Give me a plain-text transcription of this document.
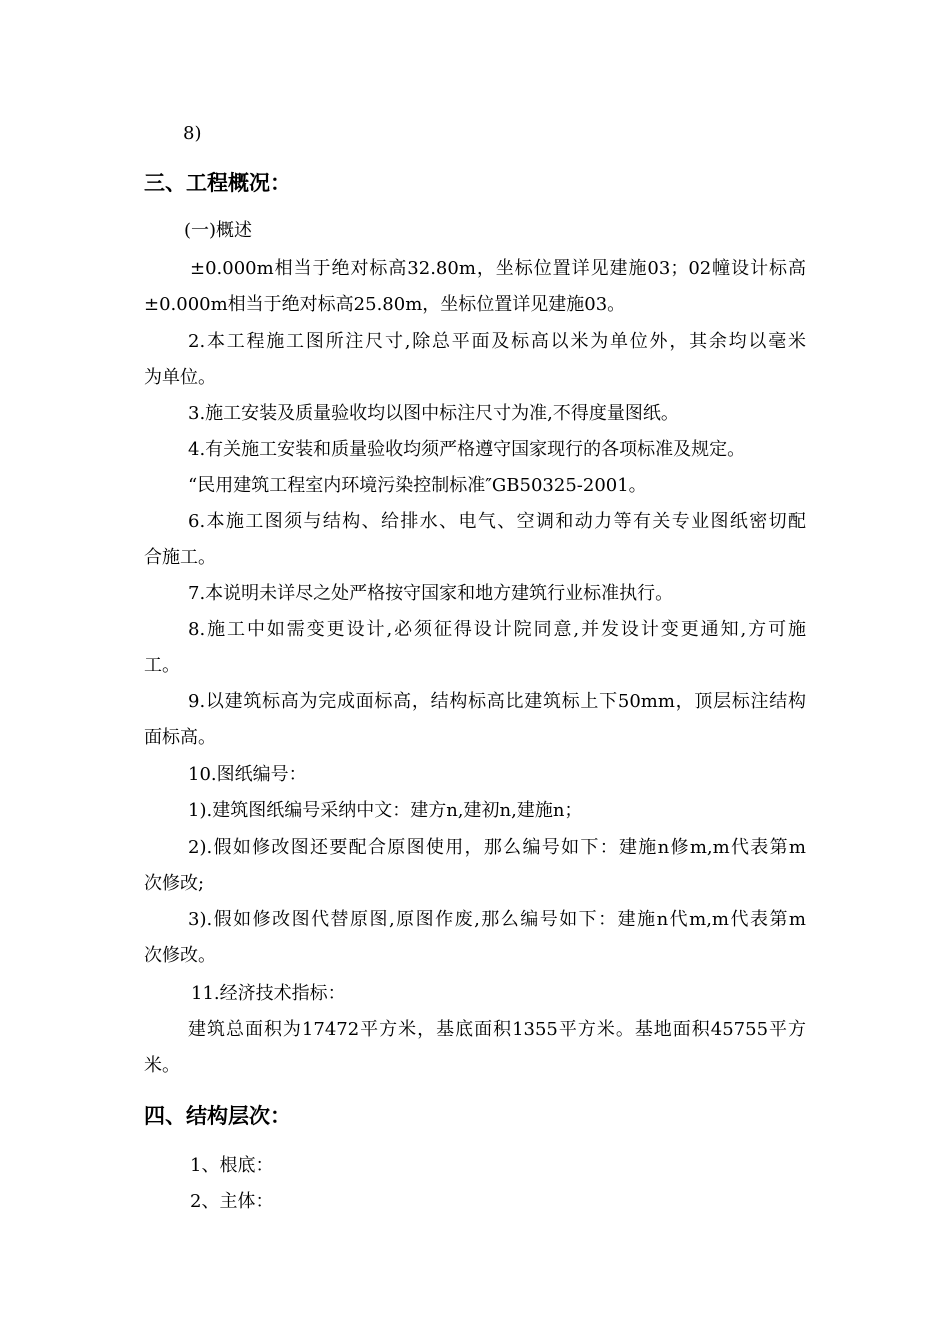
8)
三、工程概况：
(一)概述
±0.000m相当于绝对标高32.80m，坐标位置详见建施03；02幢设计标高
±0.000m相当于绝对标高25.80m，坐标位置详见建施03。
2.本工程施工图所注尺寸,除总平面及标高以米为单位外，其余均以毫米
为单位。
3.施工安装及质量验收均以图中标注尺寸为准,不得度量图纸。
4.有关施工安装和质量验收均须严格遵守国家现行的各项标准及规定。
“民用建筑工程室内环境污染控制标准″GB50325-2001。
6.本施工图须与结构、给排水、电气、空调和动力等有关专业图纸密切配
合施工。
7.本说明未详尽之处严格按守国家和地方建筑行业标准执行。
8.施工中如需变更设计,必须征得设计院同意,并发设计变更通知,方可施
工。
9.以建筑标高为完成面标高，结构标高比建筑标上下50mm，顶层标注结构
面标高。
10.图纸编号：
1).建筑图纸编号采纳中文：建方n,建初n,建施n；
2).假如修改图还要配合原图使用，那么编号如下：建施n修m,m代表第m
次修改;
3).假如修改图代替原图,原图作废,那么编号如下：建施n代m,m代表第m
次修改。
11.经济技术指标：
建筑总面积为17472平方米，基底面积1355平方米。基地面积45755平方
米。
四、结构层次：
1、根底：
2、主体：
